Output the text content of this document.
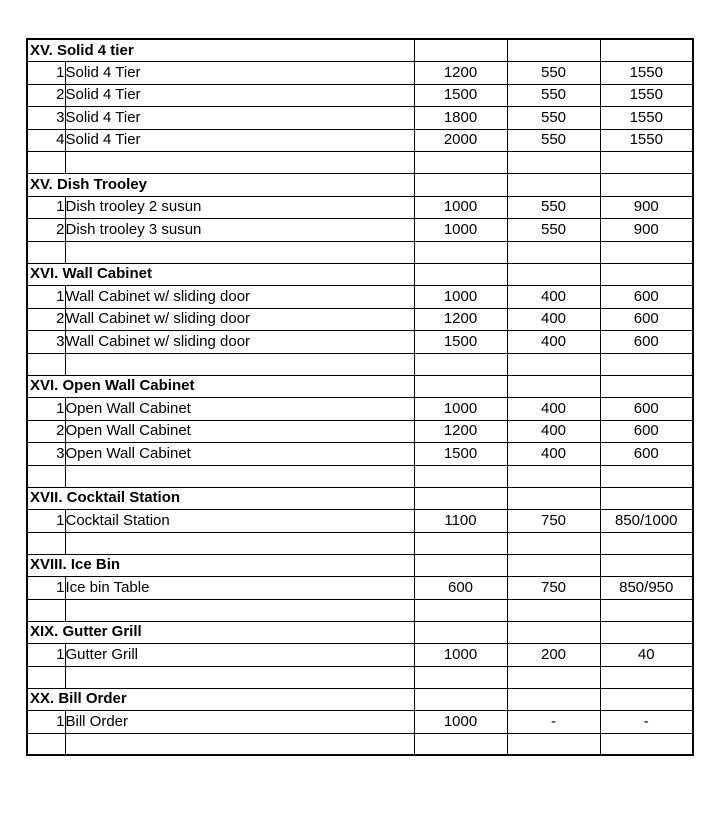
XV. Solid 4 tier				
1	Solid 4 Tier	1200	550	1550
2	Solid 4 Tier	1500	550	1550
3	Solid 4 Tier	1800	550	1550
4	Solid 4 Tier	2000	550	1550

XV. Dish Trooley				
1	Dish trooley 2 susun	1000	550	900
2	Dish trooley 3 susun	1000	550	900

XVI. Wall Cabinet				
1	Wall Cabinet w/ sliding door	1000	400	600
2	Wall Cabinet w/ sliding door	1200	400	600
3	Wall Cabinet w/ sliding door	1500	400	600

XVI. Open Wall Cabinet				
1	Open Wall Cabinet	1000	400	600
2	Open Wall Cabinet	1200	400	600
3	Open Wall Cabinet	1500	400	600

XVII. Cocktail Station				
1	Cocktail Station	1100	750	850/1000

XVIII. Ice Bin				
1	Ice bin Table	600	750	850/950

XIX. Gutter Grill				
1	Gutter Grill	1000	200	40

XX. Bill Order				
1	Bill Order	1000	-	-
